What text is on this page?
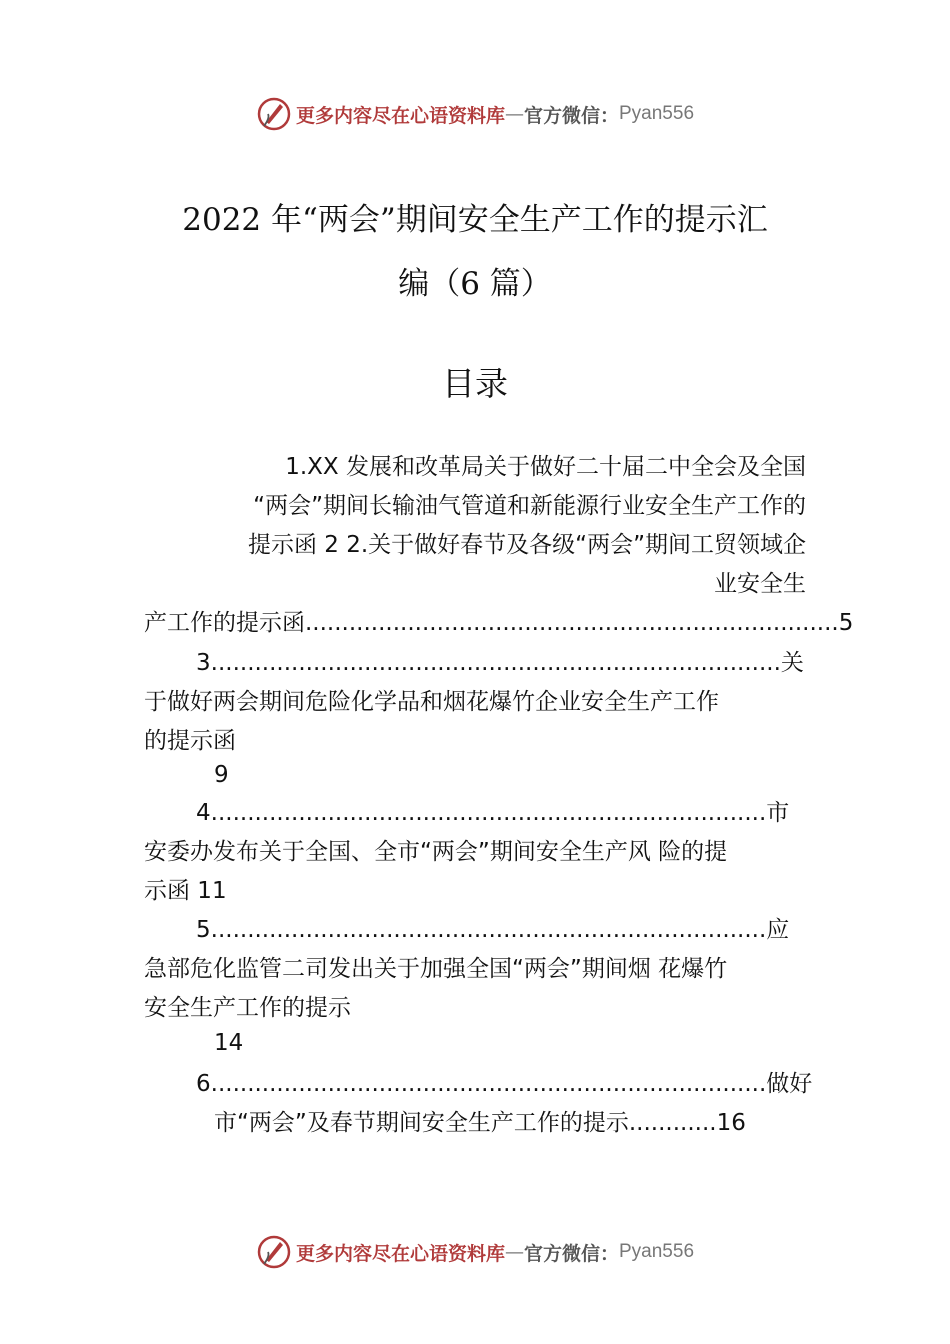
更多内容尽在心语资料库 — 官方微信： Pyan556
2022 年“两会”期间安全生产工作的提示汇
编（6 篇）
目录
1.XX 发展和改革局关于做好二十届二中全会及全国
“两会”期间长输油气管道和新能源行业安全生产工作的
提示函 2 2.关于做好春节及各级“两会”期间工贸领域企
业安全生
产工作的提示函.........................................................................5
3..............................................................................关
于做好两会期间危险化学品和烟花爆竹企业安全生产工作
的提示函
9
4............................................................................市
安委办发布关于全国、全市“两会”期间安全生产风 险的提
示函 11
5............................................................................应
急部危化监管二司发出关于加强全国“两会”期间烟 花爆竹
安全生产工作的提示
14
6............................................................................做好
市“两会”及春节期间安全生产工作的提示............16
更多内容尽在心语资料库 — 官方微信： Pyan556
